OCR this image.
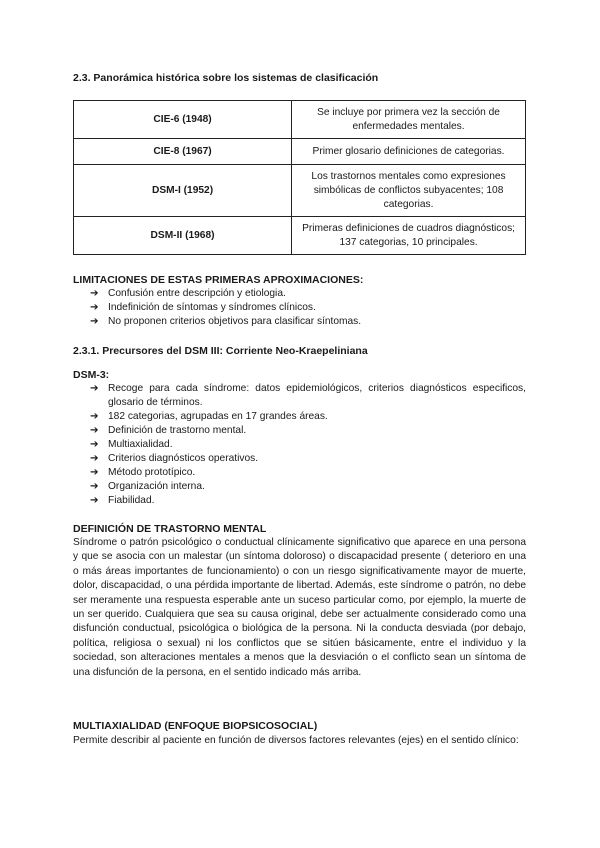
2.3. Panorámica histórica sobre los sistemas de clasificación
CIE-6 (1948)	Se incluye por primera vez la sección de enfermedades mentales.
CIE-8 (1967)	Primer glosario definiciones de categorias.
DSM-I (1952)	Los trastornos mentales como expresiones simbólicas de conflictos subyacentes; 108 categorias.
DSM-II (1968)	Primeras definiciones de cuadros diagnósticos; 137 categorias, 10 principales.
LIMITACIONES DE ESTAS PRIMERAS APROXIMACIONES:
➔ Confusión entre descripción y etiologia.
➔ Indefinición de síntomas y síndromes clínicos.
➔ No proponen criterios objetivos para clasificar síntomas.
2.3.1. Precursores del DSM III: Corriente Neo-Kraepeliniana
DSM-3:
➔ Recoge para cada síndrome: datos epidemiológicos, criterios diagnósticos especificos, glosario de términos.
➔ 182 categorias, agrupadas en 17 grandes áreas.
➔ Definición de trastorno mental.
➔ Multiaxialidad.
➔ Criterios diagnósticos operativos.
➔ Método prototípico.
➔ Organización interna.
➔ Fiabilidad.
DEFINICIÓN DE TRASTORNO MENTAL
Síndrome o patrón psicológico o conductual clínicamente significativo que aparece en una persona y que se asocia con un malestar (un síntoma doloroso) o discapacidad presente ( deterioro en una o más áreas importantes de funcionamiento) o con un riesgo significativamente mayor de muerte, dolor, discapacidad, o una pérdida importante de libertad. Además, este síndrome o patrón, no debe ser meramente una respuesta esperable ante un suceso particular como, por ejemplo, la muerte de un ser querido. Cualquiera que sea su causa original, debe ser actualmente considerado como una disfunción conductual, psicológica o biológica de la persona. Ni la conducta desviada (por debajo, política, religiosa o sexual) ni los conflictos que se sitúen básicamente, entre el individuo y la sociedad, son alteraciones mentales a menos que la desviación o el conflicto sean un síntoma de una disfunción de la persona, en el sentido indicado más arriba.
MULTIAXIALIDAD (ENFOQUE BIOPSICOSOCIAL)
Permite describir al paciente en función de diversos factores relevantes (ejes) en el sentido clínico:
